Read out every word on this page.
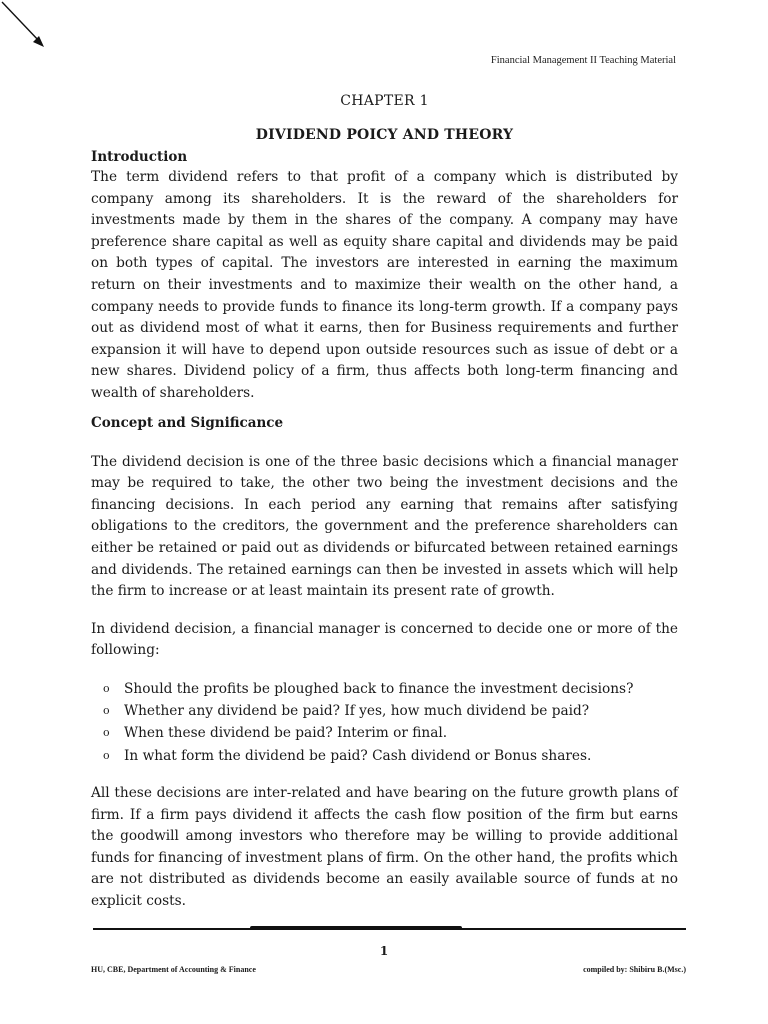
Financial Management II Teaching Material
CHAPTER 1
DIVIDEND POICY AND THEORY
Introduction

The term dividend refers to that profit of a company which is distributed by company among its shareholders. It is the reward of the shareholders for investments made by them in the shares of the company. A company may have preference share capital as well as equity share capital and dividends may be paid on both types of capital. The investors are interested in earning the maximum return on their investments and to maximize their wealth on the other hand, a company needs to provide funds to finance its long-term growth. If a company pays out as dividend most of what it earns, then for Business requirements and further expansion it will have to depend upon outside resources such as issue of debt or a new shares. Dividend policy of a firm, thus affects both long-term financing and wealth of shareholders.

Concept and Significance

The dividend decision is one of the three basic decisions which a financial manager may be required to take, the other two being the investment decisions and the financing decisions. In each period any earning that remains after satisfying obligations to the creditors, the government and the preference shareholders can either be retained or paid out as dividends or bifurcated between retained earnings and dividends. The retained earnings can then be invested in assets which will help the firm to increase or at least maintain its present rate of growth.

In dividend decision, a financial manager is concerned to decide one or more of the following:

o Should the profits be ploughed back to finance the investment decisions?
o Whether any dividend be paid? If yes, how much dividend be paid?
o When these dividend be paid? Interim or final.
o In what form the dividend be paid? Cash dividend or Bonus shares.

All these decisions are inter-related and have bearing on the future growth plans of firm. If a firm pays dividend it affects the cash flow position of the firm but earns the goodwill among investors who therefore may be willing to provide additional funds for financing of investment plans of firm. On the other hand, the profits which are not distributed as dividends become an easily available source of funds at no explicit costs.

1
HU, CBE, Department of Accounting & Finance	compiled by: Shibiru B.(Msc.)
